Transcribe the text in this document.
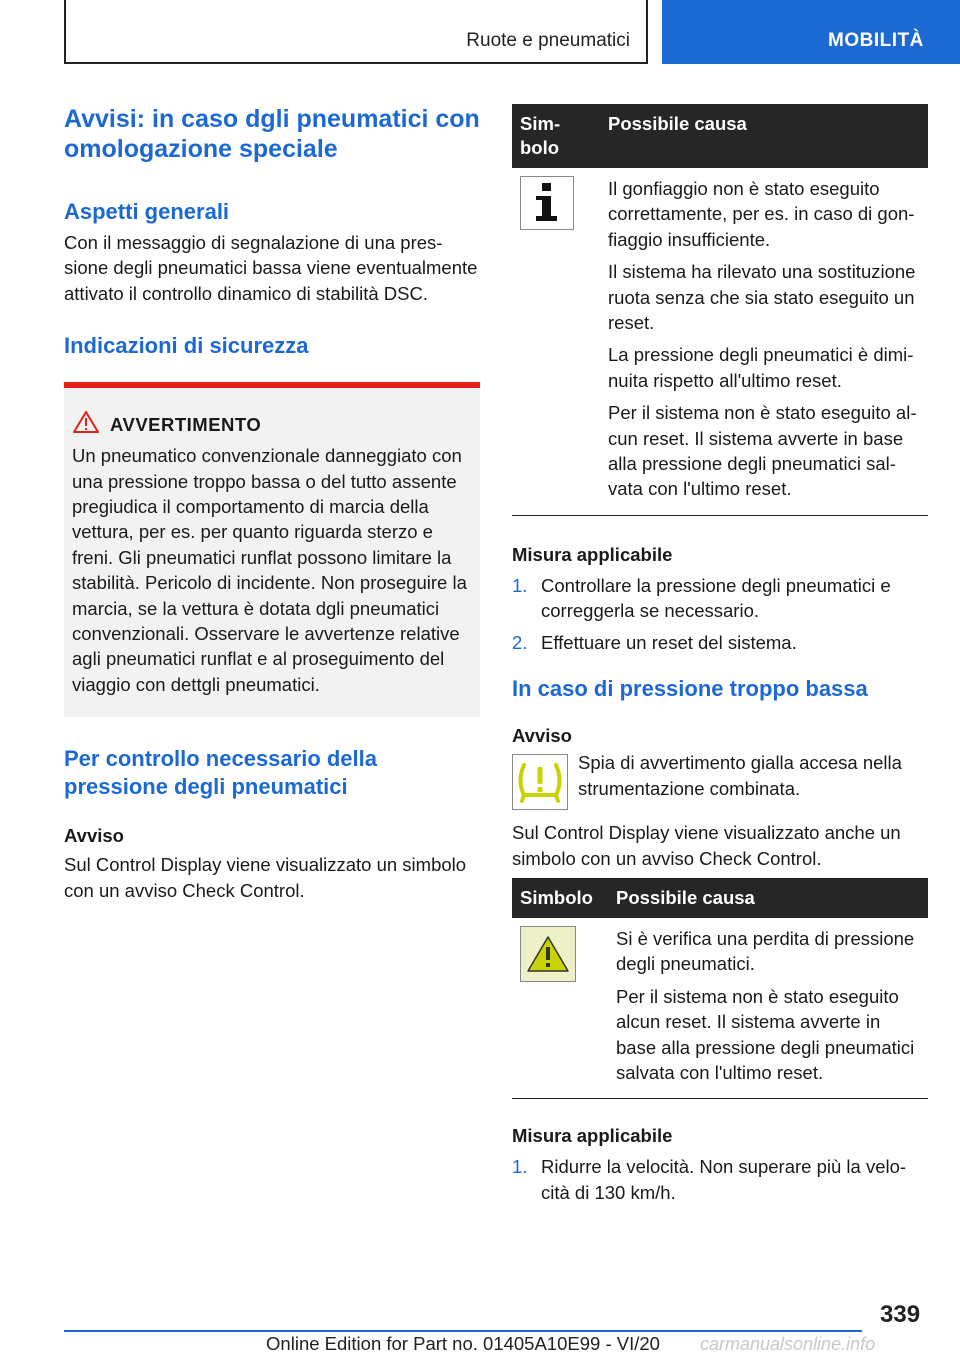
Ruote e pneumatici	MOBILITÀ
Avvisi: in caso dgli pneumatici con omologazione speciale
Aspetti generali

Con il messaggio di segnalazione di una pressione degli pneumatici bassa viene eventualmente attivato il controllo dinamico di stabilità DSC.

Indicazioni di sicurezza
AVVERTIMENTO

Un pneumatico convenzionale danneggiato con una pressione troppo bassa o del tutto assente pregiudica il comportamento di marcia della vettura, per es. per quanto riguarda sterzo e freni. Gli pneumatici runflat possono limitare la stabilità. Pericolo di incidente. Non proseguire la marcia, se la vettura è dotata dgli pneumatici convenzionali. Osservare le avvertenze relative agli pneumatici runflat e al proseguimento del viaggio con dettgli pneumatici.

Per controllo necessario della pressione degli pneumatici

Avviso

Sul Control Display viene visualizzato un simbolo con un avviso Check Control.

Simbolo	Possibile causa

Il gonfiaggio non è stato eseguito correttamente, per es. in caso di gonfiaggio insufficiente.

Il sistema ha rilevato una sostituzione ruota senza che sia stato eseguito un reset.

La pressione degli pneumatici è diminuita rispetto all'ultimo reset.

Per il sistema non è stato eseguito alcun reset. Il sistema avverte in base alla pressione degli pneumatici salvata con l'ultimo reset.

Misura applicabile

1. Controllare la pressione degli pneumatici e correggerla se necessario.
2. Effettuare un reset del sistema.
In caso di pressione troppo bassa

Avviso

Spia di avvertimento gialla accesa nella strumentazione combinata.

Sul Control Display viene visualizzato anche un simbolo con un avviso Check Control.

Simbolo	Possibile causa

Si è verifica una perdita di pressione degli pneumatici.

Per il sistema non è stato eseguito alcun reset. Il sistema avverte in base alla pressione degli pneumatici salvata con l'ultimo reset.

Misura applicabile

1. Ridurre la velocità. Non superare più la velocità di 130 km/h.
339
Online Edition for Part no. 01405A10E99 - VI/20	carmanualsonline.info
